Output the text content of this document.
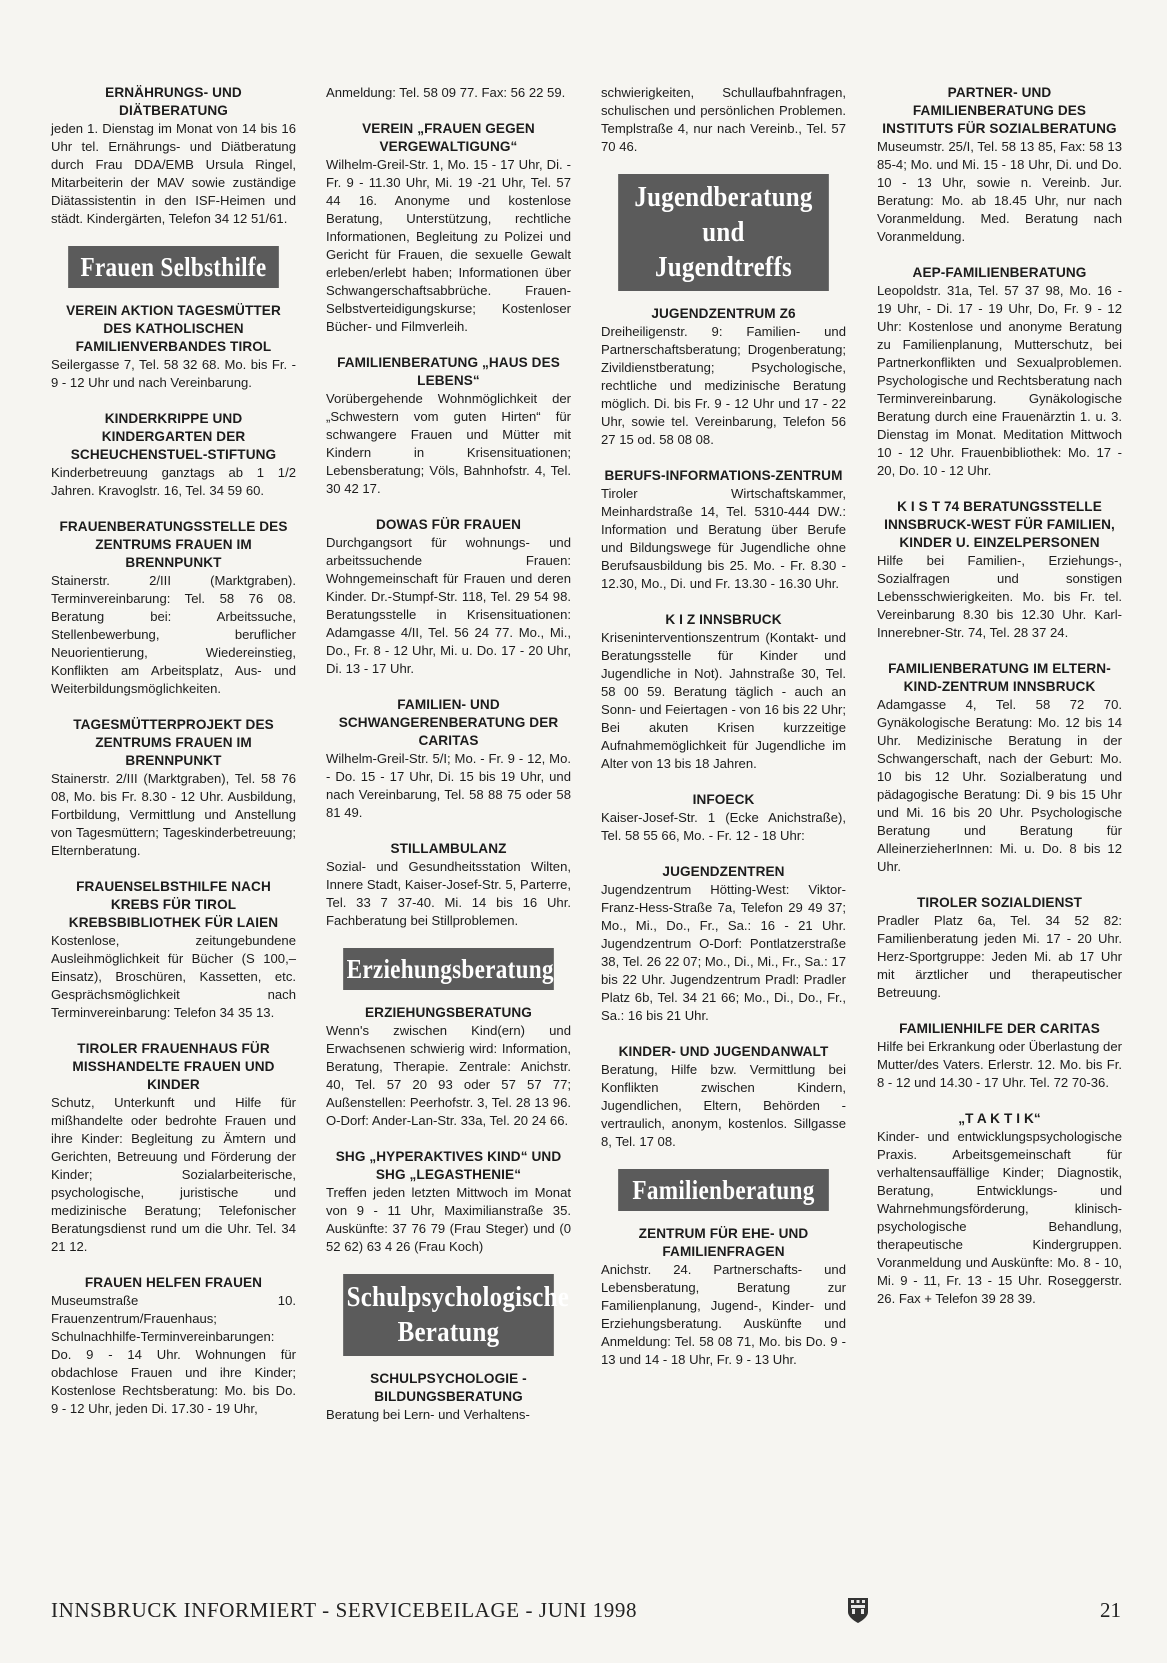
ERNÄHRUNGS- UND DIÄTBERATUNG

jeden 1. Dienstag im Monat von 14 bis 16 Uhr tel. Ernährungs- und Diätberatung durch Frau DDA/EMB Ursula Ringel, Mitarbeiterin der MAV sowie zuständige Diätassistentin in den ISF-Heimen und städt. Kindergärten, Telefon 34 12 51/61.

Frauen Selbsthilfe
VEREIN AKTION TAGESMÜTTER DES KATHOLISCHEN FAMILIENVERBANDES TIROL

Seilergasse 7, Tel. 58 32 68. Mo. bis Fr. - 9 - 12 Uhr und nach Vereinbarung.

KINDERKRIPPE UND KINDERGARTEN DER SCHEUCHENSTUEL-STIFTUNG

Kinderbetreuung ganztags ab 1 1/2 Jahren. Kravoglstr. 16, Tel. 34 59 60.

FRAUENBERATUNGSSTELLE DES ZENTRUMS FRAUEN IM BRENNPUNKT

Stainerstr. 2/III (Marktgraben). Terminvereinbarung: Tel. 58 76 08. Beratung bei: Arbeitssuche, Stellenbewerbung, beruflicher Neuorientierung, Wiedereinstieg, Konflikten am Arbeitsplatz, Aus- und Weiterbildungsmöglichkeiten.

TAGESMÜTTERPROJEKT DES ZENTRUMS FRAUEN IM BRENNPUNKT

Stainerstr. 2/III (Marktgraben), Tel. 58 76 08, Mo. bis Fr. 8.30 - 12 Uhr. Ausbildung, Fortbildung, Vermittlung und Anstellung von Tagesmüttern; Tageskinderbetreuung; Elternberatung.

FRAUENSELBSTHILFE NACH KREBS FÜR TIROL KREBSBIBLIOTHEK FÜR LAIEN

Kostenlose, zeitungebundene Ausleihmöglichkeit für Bücher (S 100,– Einsatz), Broschüren, Kassetten, etc. Gesprächsmöglichkeit nach Terminvereinbarung: Telefon 34 35 13.

TIROLER FRAUENHAUS FÜR MISSHANDELTE FRAUEN UND KINDER

Schutz, Unterkunft und Hilfe für mißhandelte oder bedrohte Frauen und ihre Kinder: Begleitung zu Ämtern und Gerichten, Betreuung und Förderung der Kinder; Sozialarbeiterische, psychologische, juristische und medizinische Beratung; Telefonischer Beratungsdienst rund um die Uhr. Tel. 34 21 12.

FRAUEN HELFEN FRAUEN

Museumstraße 10. Frauenzentrum/Frauenhaus; Schulnachhilfe-Terminvereinbarungen: Do. 9 - 14 Uhr. Wohnungen für obdachlose Frauen und ihre Kinder; Kostenlose Rechtsberatung: Mo. bis Do. 9 - 12 Uhr, jeden Di. 17.30 - 19 Uhr,

Anmeldung: Tel. 58 09 77. Fax: 56 22 59.

VEREIN „FRAUEN GEGEN VERGEWALTIGUNG“

Wilhelm-Greil-Str. 1, Mo. 15 - 17 Uhr, Di. - Fr. 9 - 11.30 Uhr, Mi. 19 -21 Uhr, Tel. 57 44 16. Anonyme und kostenlose Beratung, Unterstützung, rechtliche Informationen, Begleitung zu Polizei und Gericht für Frauen, die sexuelle Gewalt erleben/erlebt haben; Informationen über Schwangerschaftsabbrüche. Frauen-Selbstverteidigungskurse; Kostenloser Bücher- und Filmverleih.

FAMILIENBERATUNG „HAUS DES LEBENS“

Vorübergehende Wohnmöglichkeit der „Schwestern vom guten Hirten“ für schwangere Frauen und Mütter mit Kindern in Krisensituationen; Lebensberatung; Völs, Bahnhofstr. 4, Tel. 30 42 17.

DOWAS FÜR FRAUEN

Durchgangsort für wohnungs- und arbeitssuchende Frauen: Wohngemeinschaft für Frauen und deren Kinder. Dr.-Stumpf-Str. 118, Tel. 29 54 98. Beratungsstelle in Krisensituationen: Adamgasse 4/II, Tel. 56 24 77. Mo., Mi., Do., Fr. 8 - 12 Uhr, Mi. u. Do. 17 - 20 Uhr, Di. 13 - 17 Uhr.

FAMILIEN- UND SCHWANGERENBERATUNG DER CARITAS

Wilhelm-Greil-Str. 5/I; Mo. - Fr. 9 - 12, Mo. - Do. 15 - 17 Uhr, Di. 15 bis 19 Uhr, und nach Vereinbarung, Tel. 58 88 75 oder 58 81 49.

STILLAMBULANZ

Sozial- und Gesundheitsstation Wilten, Innere Stadt, Kaiser-Josef-Str. 5, Parterre, Tel. 33 7 37-40. Mi. 14 bis 16 Uhr. Fachberatung bei Stillproblemen.

Erziehungsberatung
ERZIEHUNGSBERATUNG

Wenn's zwischen Kind(ern) und Erwachsenen schwierig wird: Information, Beratung, Therapie. Zentrale: Anichstr. 40, Tel. 57 20 93 oder 57 57 77; Außenstellen: Peerhofstr. 3, Tel. 28 13 96. O-Dorf: Ander-Lan-Str. 33a, Tel. 20 24 66.

SHG „HYPERAKTIVES KIND“ UND SHG „LEGASTHENIE“

Treffen jeden letzten Mittwoch im Monat von 9 - 11 Uhr, Maximilianstraße 35. Auskünfte: 37 76 79 (Frau Steger) und (0 52 62) 63 4 26 (Frau Koch)

Schulpsychologische
Beratung
SCHULPSYCHOLOGIE - BILDUNGSBERATUNG

Beratung bei Lern- und Verhaltens-

schwierigkeiten, Schullaufbahnfragen, schulischen und persönlichen Problemen. Templstraße 4, nur nach Vereinb., Tel. 57 70 46.

Jugendberatung und
Jugendtreffs
JUGENDZENTRUM Z6

Dreiheiligenstr. 9: Familien- und Partnerschaftsberatung; Drogenberatung; Zivildienstberatung; Psychologische, rechtliche und medizinische Beratung möglich. Di. bis Fr. 9 - 12 Uhr und 17 - 22 Uhr, sowie tel. Vereinbarung, Telefon 56 27 15 od. 58 08 08.

BERUFS-INFORMATIONS-ZENTRUM

Tiroler Wirtschaftskammer, Meinhardstraße 14, Tel. 5310-444 DW.: Information und Beratung über Berufe und Bildungswege für Jugendliche ohne Berufsausbildung bis 25. Mo. - Fr. 8.30 - 12.30, Mo., Di. und Fr. 13.30 - 16.30 Uhr.

K I Z INNSBRUCK

Kriseninterventionszentrum (Kontakt- und Beratungsstelle für Kinder und Jugendliche in Not). Jahnstraße 30, Tel. 58 00 59. Beratung täglich - auch an Sonn- und Feiertagen - von 16 bis 22 Uhr; Bei akuten Krisen kurzzeitige Aufnahmemöglichkeit für Jugendliche im Alter von 13 bis 18 Jahren.

INFOECK

Kaiser-Josef-Str. 1 (Ecke Anichstraße), Tel. 58 55 66, Mo. - Fr. 12 - 18 Uhr:

JUGENDZENTREN

Jugendzentrum Hötting-West: Viktor-Franz-Hess-Straße 7a, Telefon 29 49 37; Mo., Mi., Do., Fr., Sa.: 16 - 21 Uhr. Jugendzentrum O-Dorf: Pontlatzerstraße 38, Tel. 26 22 07; Mo., Di., Mi., Fr., Sa.: 17 bis 22 Uhr. Jugendzentrum Pradl: Pradler Platz 6b, Tel. 34 21 66; Mo., Di., Do., Fr., Sa.: 16 bis 21 Uhr.

KINDER- UND JUGENDANWALT

Beratung, Hilfe bzw. Vermittlung bei Konflikten zwischen Kindern, Jugendlichen, Eltern, Behörden - vertraulich, anonym, kostenlos. Sillgasse 8, Tel. 17 08.

Familienberatung
ZENTRUM FÜR EHE- UND FAMILIENFRAGEN

Anichstr. 24. Partnerschafts- und Lebensberatung, Beratung zur Familienplanung, Jugend-, Kinder- und Erziehungsberatung. Auskünfte und Anmeldung: Tel. 58 08 71, Mo. bis Do. 9 - 13 und 14 - 18 Uhr, Fr. 9 - 13 Uhr.

PARTNER- UND FAMILIENBERATUNG DES INSTITUTS FÜR SOZIALBERATUNG

Museumstr. 25/I, Tel. 58 13 85, Fax: 58 13 85-4; Mo. und Mi. 15 - 18 Uhr, Di. und Do. 10 - 13 Uhr, sowie n. Vereinb. Jur. Beratung: Mo. ab 18.45 Uhr, nur nach Voranmeldung. Med. Beratung nach Voranmeldung.

AEP-FAMILIENBERATUNG

Leopoldstr. 31a, Tel. 57 37 98, Mo. 16 - 19 Uhr, - Di. 17 - 19 Uhr, Do, Fr. 9 - 12 Uhr: Kostenlose und anonyme Beratung zu Familienplanung, Mutterschutz, bei Partnerkonflikten und Sexualproblemen. Psychologische und Rechtsberatung nach Terminvereinbarung. Gynäkologische Beratung durch eine Frauenärztin 1. u. 3. Dienstag im Monat. Meditation Mittwoch 10 - 12 Uhr. Frauenbibliothek: Mo. 17 - 20, Do. 10 - 12 Uhr.

K I S T 74 BERATUNGSSTELLE INNSBRUCK-WEST FÜR FAMILIEN, KINDER U. EINZELPERSONEN

Hilfe bei Familien-, Erziehungs-, Sozialfragen und sonstigen Lebensschwierigkeiten. Mo. bis Fr. tel. Vereinbarung 8.30 bis 12.30 Uhr. Karl-Innerebner-Str. 74, Tel. 28 37 24.

FAMILIENBERATUNG IM ELTERN-KIND-ZENTRUM INNSBRUCK

Adamgasse 4, Tel. 58 72 70. Gynäkologische Beratung: Mo. 12 bis 14 Uhr. Medizinische Beratung in der Schwangerschaft, nach der Geburt: Mo. 10 bis 12 Uhr. Sozialberatung und pädagogische Beratung: Di. 9 bis 15 Uhr und Mi. 16 bis 20 Uhr. Psychologische Beratung und Beratung für AlleinerzieherInnen: Mi. u. Do. 8 bis 12 Uhr.

TIROLER SOZIALDIENST

Pradler Platz 6a, Tel. 34 52 82: Familienberatung jeden Mi. 17 - 20 Uhr. Herz-Sportgruppe: Jeden Mi. ab 17 Uhr mit ärztlicher und therapeutischer Betreuung.

FAMILIENHILFE DER CARITAS

Hilfe bei Erkrankung oder Überlastung der Mutter/des Vaters. Erlerstr. 12. Mo. bis Fr. 8 - 12 und 14.30 - 17 Uhr. Tel. 72 70-36.

„T A K T I K“

Kinder- und entwicklungspsychologische Praxis. Arbeitsgemeinschaft für verhaltensauffällige Kinder; Diagnostik, Beratung, Entwicklungs- und Wahrnehmungsförderung, klinisch-psychologische Behandlung, therapeutische Kindergruppen. Voranmeldung und Auskünfte: Mo. 8 - 10, Mi. 9 - 11, Fr. 13 - 15 Uhr. Roseggerstr. 26. Fax + Telefon 39 28 39.

INNSBRUCK INFORMIERT - SERVICEBEILAGE - JUNI 1998	21
